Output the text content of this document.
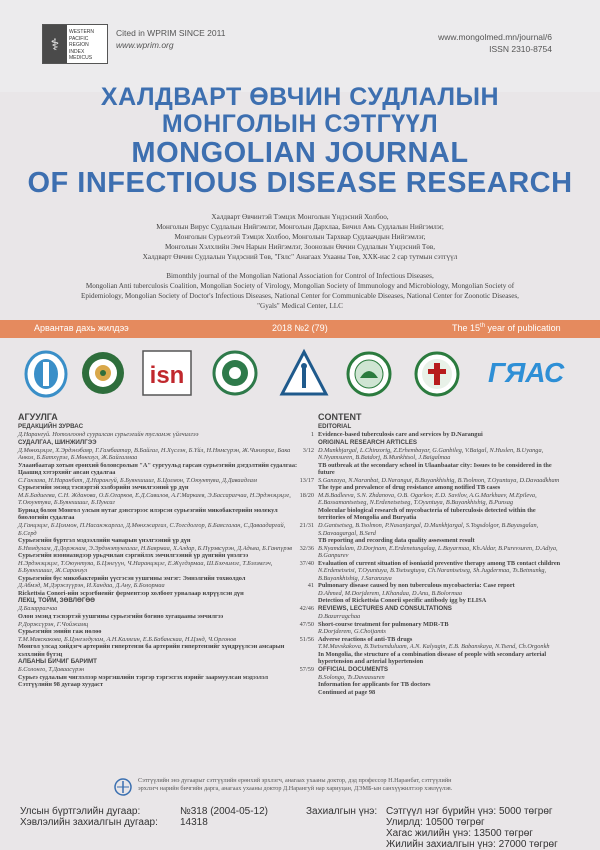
⚕
WESTERN
PACIFIC
REGION
INDEX
MEDICUS
Cited in WPRIM SINCE 2011
www.wprim.org
www.mongolmed.mn/journal/6
ISSN 2310-8754
ХАЛДВАРТ ӨВЧИН СУДЛАЛЫН
МОНГОЛЫН СЭТГҮҮЛ
MONGOLIAN JOURNAL
OF INFECTIOUS DISEASE RESEARCH
Халдварт Өвчинтэй Тэмцэх Монголын Үндэсний Холбоо,
Монголын Вирус Судлалын Нийгэмлэг, Монголын Дархлаа, Бичил Амь Судлалын Нийгэмлэг,
Монголын Сурьеэтэй Тэмцэх Холбоо, Монголын Тархвар Судлаачдын Нийгэмлэг,
Монголын Хэлхлийн Эмч Нарын Нийгэмлэг, Зоонозын Өвчин Судлалын Үндэсний Төв,
Халдварт Өвчин Судлалын Үндэсний Төв, "Гялс" Анагаах Ухааны Төв, ХХК-иас 2 сар тутмын сэтгүүл
Bimonthly journal of the Mongolian National Association for Control of Infectious Diseases,
Mongolian Anti tuberculosis Coalition, Mongolian Society of Virology, Mongolian Society of Immunology and Microbiology, Mongolian Society of
Epidemiology, Mongolian Society of Doctor's Infectious Diseases, National Center for Communicable Diseases, National Center for Zoonotic Diseases,
"Gyals" Medical Center, LLC
Арвантав дахь жилдээ	2018 №2 (79)	The 15th year of publication
isn	ГЯАС
АГУУЛГА
РЕДАКЦИЙН ЗУРВАС
Д.Нарангуй. Нотолгоонд суурилсан сурьеэгийн тусламж үйлчилгээ	1
СУДАЛГАА, ШИНЖИЛГЭЭ
Д.Мөнхцэцэг, Х.Эрдэнэбаяр, Г.Гамбаатар, В.Байгал, Н.Хүслэн, Б.Үйл, Н.Нямсүрэн, Ж.Чинзориг, Бака Анкол, Б.Батхүрэл, Б.Мөнхзул, Ж.Байгалмаа
3/12
Улаанбаатар хотын ерөнхий боловсролын "А" сургуульд гарсан сурьеэгийн дэгдэлтийн судалгаа: Цаашид хэтэрхийг авсан судалгаа
С.Ганзаяа, Н.Наранбат, Д.Нарангуй, Б.Буянхишиг, Б.Цолмон, Т.Оюунтуяа, Д.Даваадлам	13/17
Сурьеэгийн эмэнд тэсвэртэй хэлбэрийн эмчилгээний үр дүн
М.Б.Бадиеева, С.Н. Жданова, О.Б.Огарков, Е.Д.Савилов, А.Г.Маркаев, Э.Бассарагчаа, Н.Эрдэнэцэцэг, Т.Оюунтуяа, Б.Буянхишиг, Б.Пунсаг
18/20
Буриад болон Монгол улсын нутаг дэвсгэрээс илэрсэн сурьеэгийн микобактерийн молекул биологийн судалгаа
Д.Ганцэцэг, Б.Цолмон, П.Насанжаргал, Д.Мөнхжаргал, С.Тогсдолгор, Б.Баясгалан, С.Даваадаргай, Б.Серд
21/31
Сурьеэгийн бүртгэл мэдээллийн чанарын үнэлгээний үр дүн
Б.Нямдулам, Д.Доржнам, Э.Эрдэнэтунгалаг, Н.Баярмаа, Х.Алдар, Б.Пүрэвсүрэн, Д.Адъяа, Б.Ганпүрэв	32/36
Сурьеэгийн изониазидээр урьдчилан сэргийлэх эмчилгээний үр дүнгийн үнэлгээ
Н.Эрдэнэцэцэг, Т.Оюунтуяа, Б.Цэнгүүн, Ч.Наранцэцэг, Е.Жүгдэрмаа, Ш.Бэхчимэг, Т.Бэзэмгэч, Б.Буянхишиг, Ж.Саранзул
37/40
Сурьеэгийн бус микобактерийн үүсгэсэн уушгины эмгэг: Эмнэлгийн тохиолдол
Д.Абмэд, М.Дэржзүүрэн, И.Хандаа, Д.Ану, Б.Болормаа	41
Rickettsia Conori-ийн эсрэгбиеийг ферментээр холбоот урвалаар илрүүлсэн дүн
ЛЕКЦ, ТОЙМ, ЗӨВЛӨГӨӨ
Д.Базаррагчаа	42/46
Олон эмэнд тэсвэртэй уушгины сурьеэгийн богино хугацааны эмчилгээ
Р.Доржсүрэн, Г.Чойжамц	47/50
Сурьеэгийн эмийн гаж нөлөө
Т.М.Мавскакова, Б.Цэнгэлдулам, А.Н.Калягин, Е.Б.Бабанскаа, Н.Цэнд, Ч.Оргонов	51/56
Монгол улсад хийдэгч артерийн гипертензи ба артерийн гипертензийг хүндрүүлсэн амсарын хэлхлийн бүтэц
АЛБАНЫ БИЧИГ БАРИМТ
Б.Солонго, Т.Даваасүрэн	57/59
Сурьеэ судлалын чиглэлээр мэргэшлийн тэргэр тэргэсгэх нэрийг заармуулсан мэдээлэл
Сэтгүүлийн 98 дугаар хуудаст
CONTENT
EDITORIAL
Evidence-based tuberculosis care and services by D.Narangui
ORIGINAL RESEARCH ARTICLES
D.Munkhjargal, L.Chinzorig, Z.Erhembayar, G.Ganbileg, V.Baigal, N.Huslen, B.Uyanga, N.Nyamsuren, B.Batdorj, B.Munkhtsol, J.Baigalmaa
TB outbreak at the secondary school in Ulaanbaatar city: Issues to be considered in the future
S.Ganzaya, N.Naranbat, D.Narangui, B.Buyankhishig, B.Tsolmon, T.Oyuntuya, D.Davaadkham
The type and prevalence of drug resistance among notified TB cases
M.B.Badleeva, S.N. Zhdanova, O.B. Ogarkov, E.D. Savilov, A.G.Markhaev, M.Epileva, E.Bassamantsetseg, N.Erdenetsetseg, T.Oyuntuya, B.Buyankhishig, B.Punsag
Molecular biological research of mycobacteria of tuberculosis detected within the territories of Mongolia and Buryatia
D.Gantsetseg, B.Tsolmon, P.Nasanjargal, D.Munkhjargal, S.Togsdolgor, B.Bayasgalan, S.Davaagargal, B.Serd
TB reporting and recording data quality assessment result
B.Nyamdulam, D.Dorjnam, E.Erdenetungalag, L.Bayarmaa, Kh.Aldar, B.Purevsuren, D.Adiya, B.Ganpurev
Evaluation of current situation of isoniazid preventive therapy among TB contact children
N.Erdenetsetsi, T.Oyuntuya, B.Tsetsegtuya, Ch.Narantsetseg, Sh.Jugdermaa, Ts.Betmunkg, B.Buyankhishig, J.Saranzaya
Pulmonary disease caused by non tuberculous mycobacteria: Case report
D.Ahmed, M.Dorjderem, I.Khandaa, D.Anu, B.Bolormaa
Detection of Rickettsia Conorii specific antibody igg by ELISA
REVIEWS, LECTURES AND CONSULTATIONS
D.Bazarragchaa
Short-course treatment for pulmonary MDR-TB
R.Dorjderem, G.Choijamts
Adverse reactions of anti-TB drugs
T.M.Mavskakova, B.Tsetsenduluam, A.N. Kalyagin, E.B. Babanskaya, N.Tsend, Ch.Orgonkh
In Mongolia, the structure of a combination disease of people with secondary arterial hypertension and arterial hypertension
OFFICIAL DOCUMENTS
B.Solongo, Ts.Davaasuren
Information for applicants for TB doctors
Continued at page 98
Сэтгүүлийн энэ дугаарыг сэтгүүлийн ерөнхий эрхлэгч, анагаах ухааны доктор, дэд профессор Н.Наранбат, сэтгүүлийн эрхлэгч нарийн бичгийн дарга, анагаах ухааны доктор Д.Нарангуй нар хариуцан, ДЭМБ-ын санхүүжилтээр хэвлүүлэв.
Улсын бүртгэлийн дугаар:
Хэвлэлийн захиалгын дугаар:
№318 (2004-05-12)
14318
Захиалгын үнэ: Сэтгүүл нэг бүрийн үнэ: 5000 төгрөг
Улирлд: 10500 төгрөг
Хагас жилийн үнэ: 13500 төгрөг
Жилийн захиалгын үнэ: 27000 төгрөг
